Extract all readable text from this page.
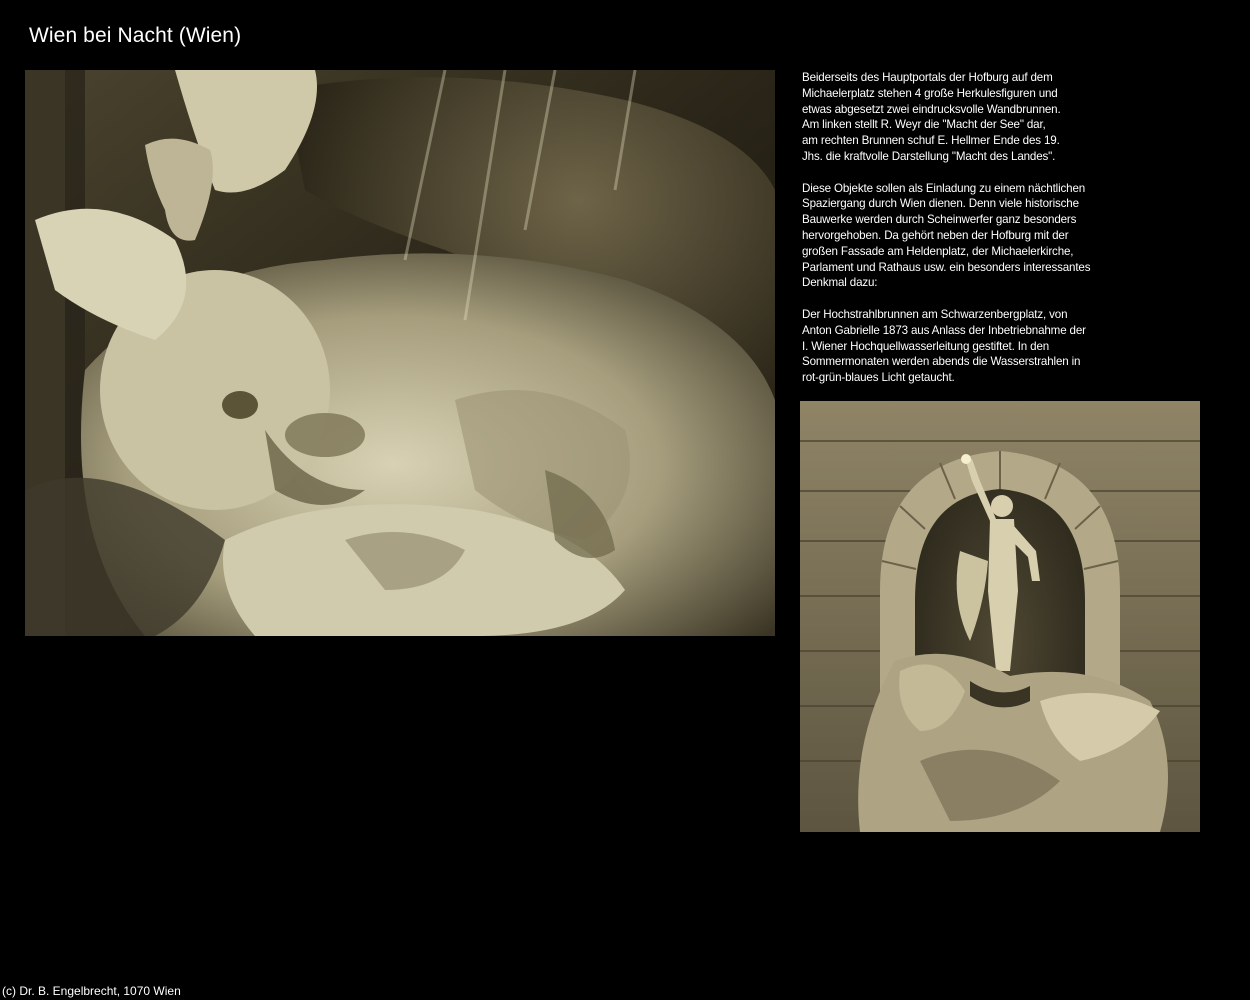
Wien bei Nacht (Wien)

Beiderseits des Hauptportals der Hofburg auf dem
Michaelerplatz stehen 4 große Herkulesfiguren und
etwas abgesetzt zwei eindrucksvolle Wandbrunnen.
Am linken stellt R. Weyr die "Macht der See" dar,
am rechten Brunnen schuf E. Hellmer Ende des 19.
Jhs. die kraftvolle Darstellung "Macht des Landes".

Diese Objekte sollen als Einladung zu einem nächtlichen
Spaziergang durch Wien dienen. Denn viele historische
Bauwerke werden durch Scheinwerfer ganz besonders
hervorgehoben. Da gehört neben der Hofburg mit der
großen Fassade am Heldenplatz, der Michaelerkirche,
Parlament und Rathaus usw. ein besonders interessantes
Denkmal dazu:

Der Hochstrahlbrunnen am Schwarzenbergplatz, von
Anton Gabrielle 1873 aus Anlass der Inbetriebnahme der
I. Wiener Hochquellwasserleitung gestiftet. In den
Sommermonaten werden abends die Wasserstrahlen in
rot-grün-blaues Licht getaucht.

(c) Dr. B. Engelbrecht, 1070 Wien
